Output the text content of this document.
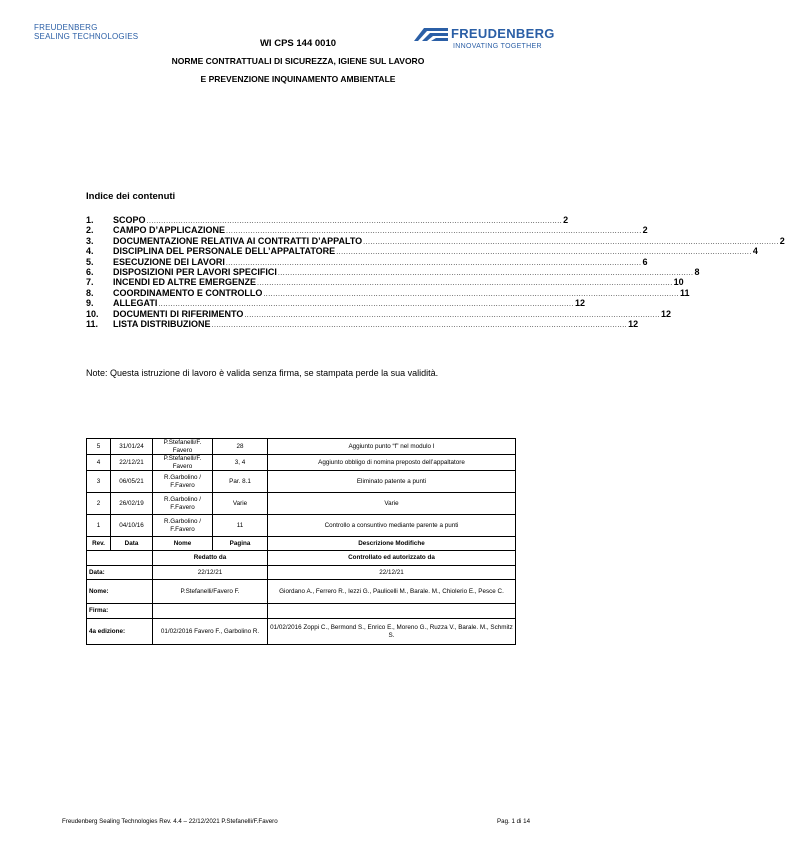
FREUDENBERG
SEALING TECHNOLOGIES
WI CPS 144 0010
FREUDENBERG
INNOVATING TOGETHER
NORME CONTRATTUALI DI SICUREZZA, IGIENE SUL LAVORO
E PREVENZIONE INQUINAMENTO AMBIENTALE
Indice dei contenuti
1.	SCOPO .......................................................................................................................................................................... 2
2.	CAMPO D’APPLICAZIONE .......................................................................................................................................................................... 2
3.	DOCUMENTAZIONE RELATIVA AI CONTRATTI D’APPALTO .......................................................................................................................................................................... 2
4.	DISCIPLINA DEL PERSONALE DELL’APPALTATORE .......................................................................................................................................................................... 4
5.	ESECUZIONE DEI LAVORI .......................................................................................................................................................................... 6
6.	DISPOSIZIONI PER LAVORI SPECIFICI .......................................................................................................................................................................... 8
7.	INCENDI ED ALTRE EMERGENZE .......................................................................................................................................................................... 10
8.	COORDINAMENTO E CONTROLLO .......................................................................................................................................................................... 11
9.	ALLEGATI .......................................................................................................................................................................... 12
10.	DOCUMENTI DI RIFERIMENTO .......................................................................................................................................................................... 12
11.	LISTA DISTRIBUZIONE .......................................................................................................................................................................... 12
Note: Questa istruzione di lavoro è valida senza firma, se stampata perde la sua validità.
5	31/01/24	P.Stefanelli/F. Favero	28	Aggiunto punto “f” nel modulo I
4	22/12/21	P.Stefanelli/F. Favero	3, 4	Aggiunto obbligo di nomina preposto dell’appaltatore
3	06/05/21	R.Garbolino / F.Favero	Par. 8.1	Eliminato patente a punti
2	26/02/19	R.Garbolino / F.Favero	Varie	Varie
1	04/10/16	R.Garbolino / F.Favero	11	Controllo a consuntivo mediante parente a punti
Rev.	Data	Nome	Pagina	Descrizione Modifiche
		Redatto da		Controllato ed autorizzato da
Data:		22/12/21		22/12/21
Nome:		P.Stefanelli/Favero F.		Giordano A., Ferrero R., Iezzi G., Paulicelli M., Barale. M., Chiolerio E., Pesce C.
Firma:				
4a edizione:		01/02/2016 Favero F., Garbolino R.		01/02/2016 Zoppi C., Bermond S., Enrico E., Moreno G., Ruzza V., Barale. M., Schmitz S.
Freudenberg Sealing Technologies Rev. 4.4 – 22/12/2021 P.Stefanelli/F.Favero	Pag. 1 di 14
